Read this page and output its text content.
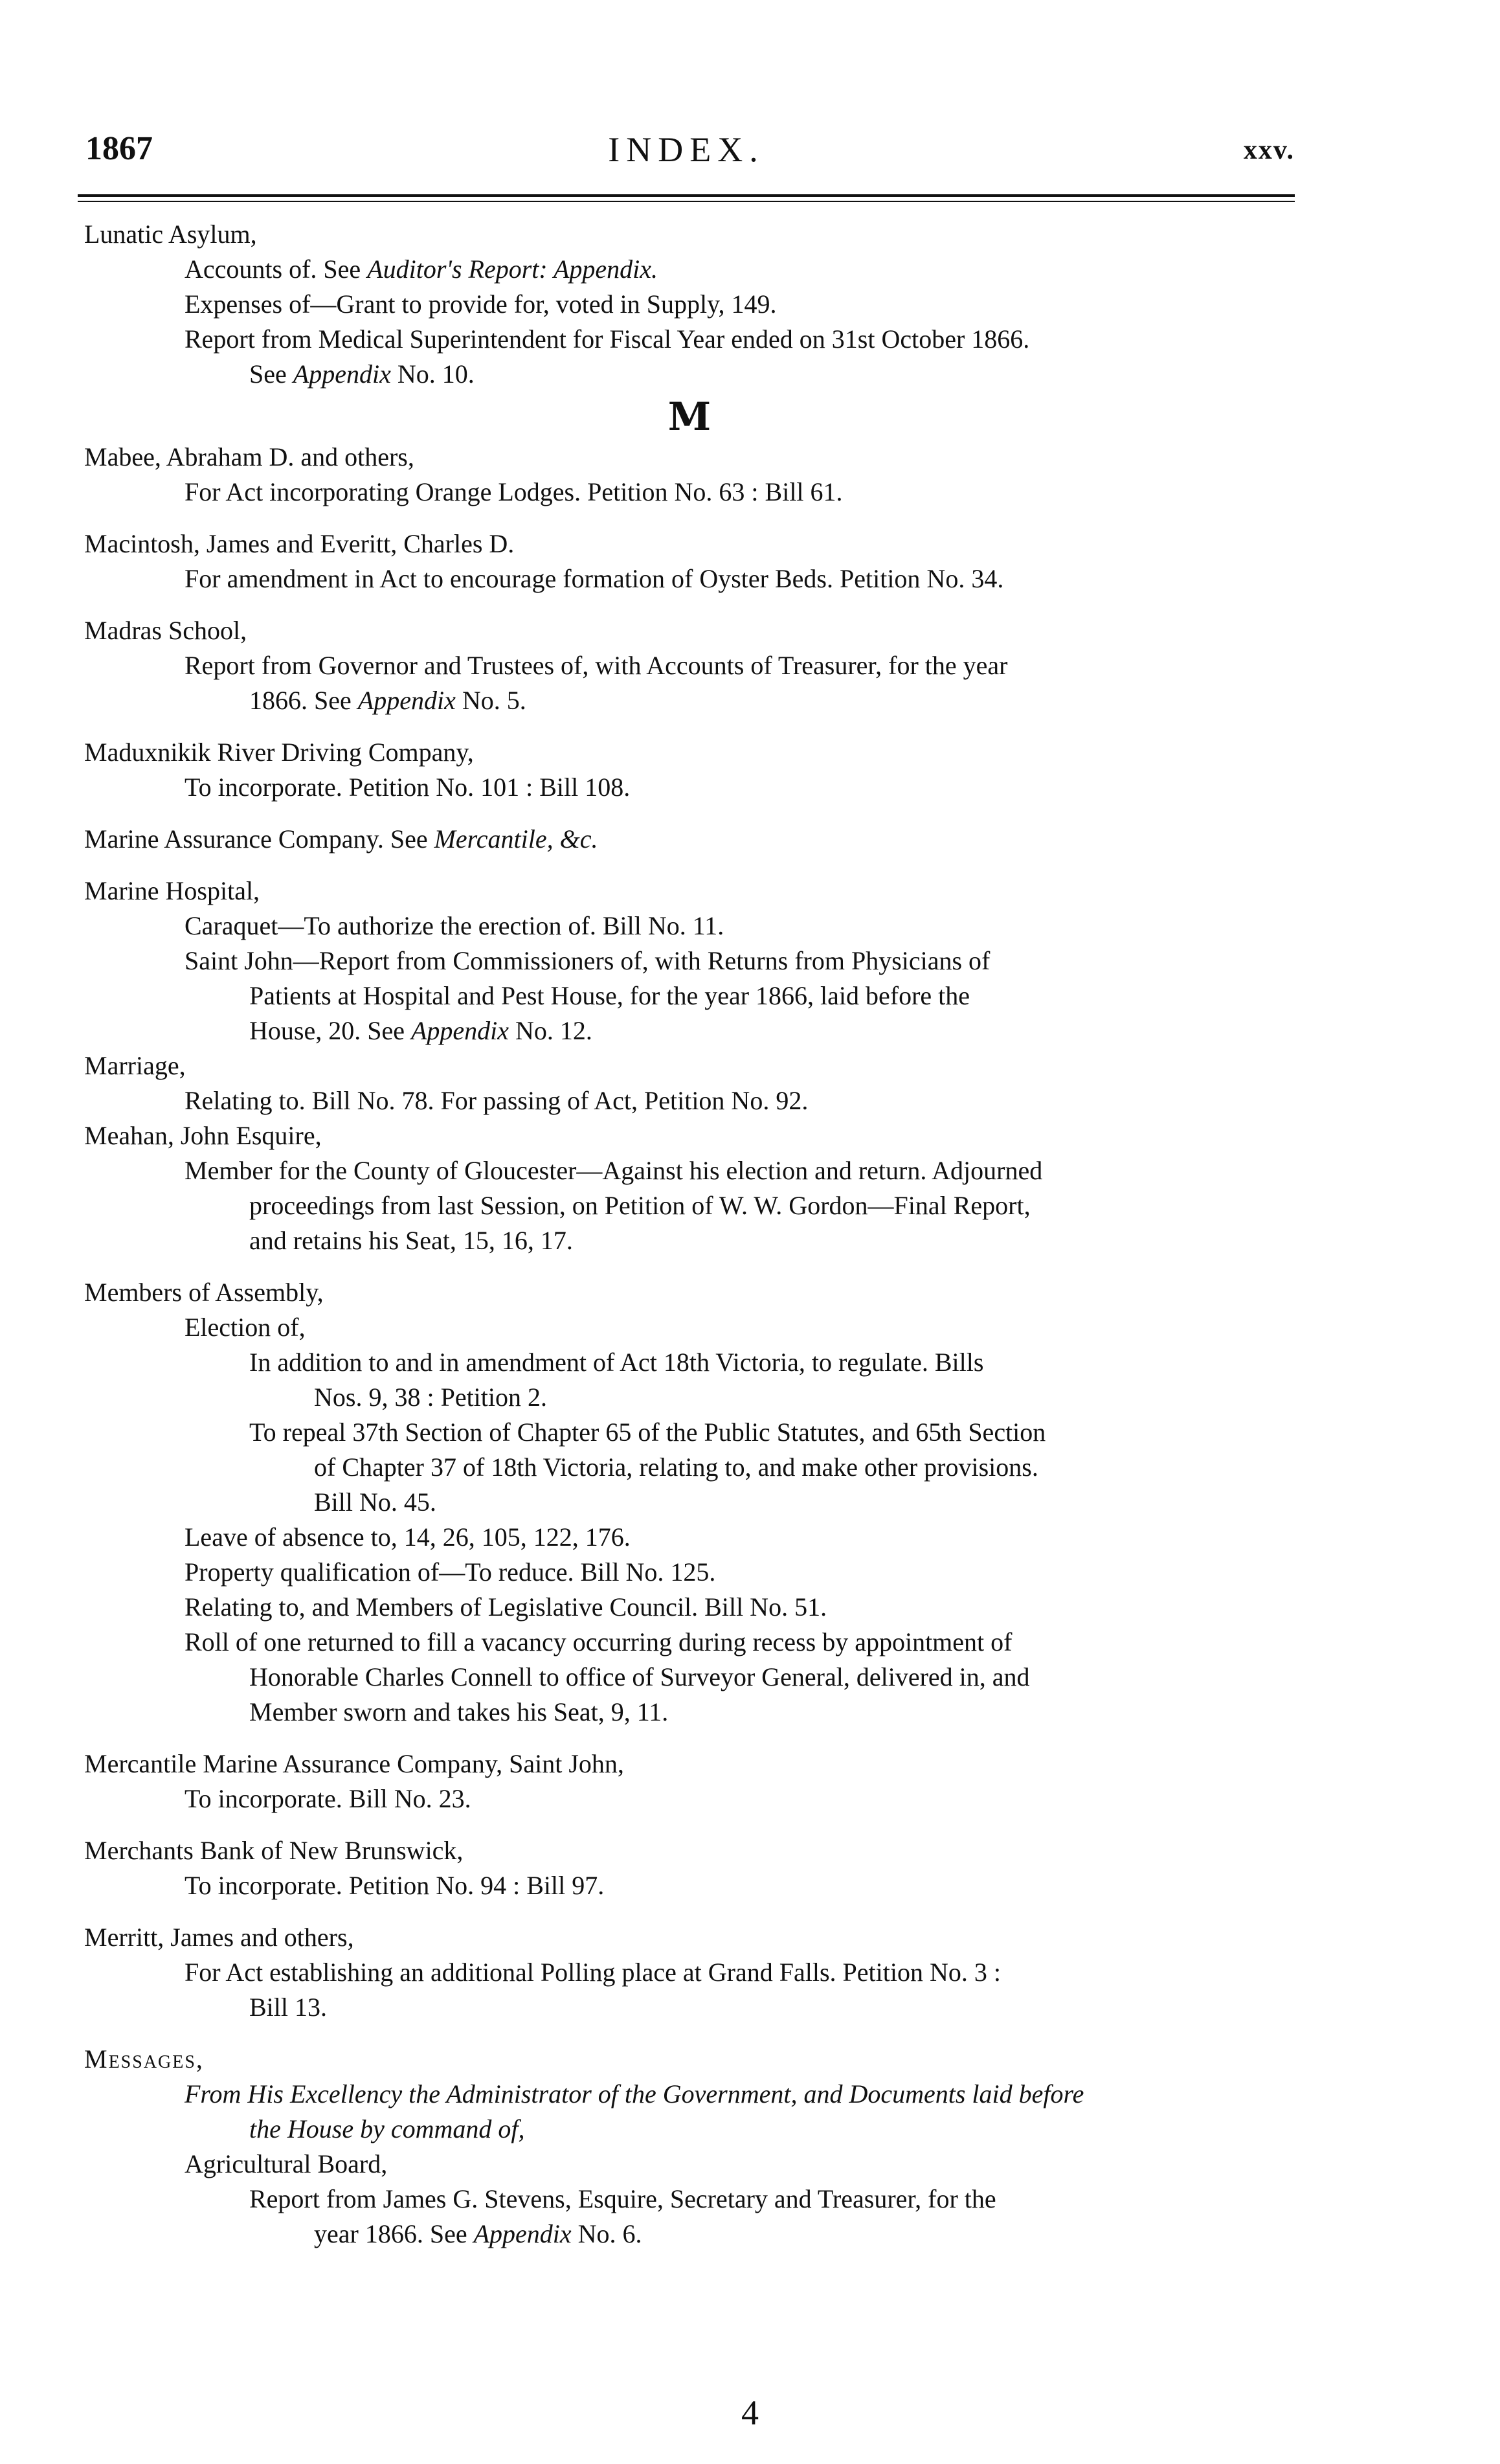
1867	INDEX.	xxv.
Lunatic Asylum,
Accounts of. See Auditor's Report: Appendix.
Expenses of—Grant to provide for, voted in Supply, 149.
Report from Medical Superintendent for Fiscal Year ended on 31st October 1866.
See Appendix No. 10.
M
Mabee, Abraham D. and others,
For Act incorporating Orange Lodges. Petition No. 63 : Bill 61.
Macintosh, James and Everitt, Charles D.
For amendment in Act to encourage formation of Oyster Beds. Petition No. 34.
Madras School,
Report from Governor and Trustees of, with Accounts of Treasurer, for the year
1866. See Appendix No. 5.
Maduxnikik River Driving Company,
To incorporate. Petition No. 101 : Bill 108.
Marine Assurance Company. See Mercantile, &c.
Marine Hospital,
Caraquet—To authorize the erection of. Bill No. 11.
Saint John—Report from Commissioners of, with Returns from Physicians of
Patients at Hospital and Pest House, for the year 1866, laid before the
House, 20. See Appendix No. 12.
Marriage,
Relating to. Bill No. 78. For passing of Act, Petition No. 92.
Meahan, John Esquire,
Member for the County of Gloucester—Against his election and return. Adjourned
proceedings from last Session, on Petition of W. W. Gordon—Final Report,
and retains his Seat, 15, 16, 17.
Members of Assembly,
Election of,
In addition to and in amendment of Act 18th Victoria, to regulate. Bills
Nos. 9, 38 : Petition 2.
To repeal 37th Section of Chapter 65 of the Public Statutes, and 65th Section
of Chapter 37 of 18th Victoria, relating to, and make other provisions.
Bill No. 45.
Leave of absence to, 14, 26, 105, 122, 176.
Property qualification of—To reduce. Bill No. 125.
Relating to, and Members of Legislative Council. Bill No. 51.
Roll of one returned to fill a vacancy occurring during recess by appointment of
Honorable Charles Connell to office of Surveyor General, delivered in, and
Member sworn and takes his Seat, 9, 11.
Mercantile Marine Assurance Company, Saint John,
To incorporate. Bill No. 23.
Merchants Bank of New Brunswick,
To incorporate. Petition No. 94 : Bill 97.
Merritt, James and others,
For Act establishing an additional Polling place at Grand Falls. Petition No. 3 :
Bill 13.
Messages,
From His Excellency the Administrator of the Government, and Documents laid before
the House by command of,
Agricultural Board,
Report from James G. Stevens, Esquire, Secretary and Treasurer, for the
year 1866. See Appendix No. 6.
4
